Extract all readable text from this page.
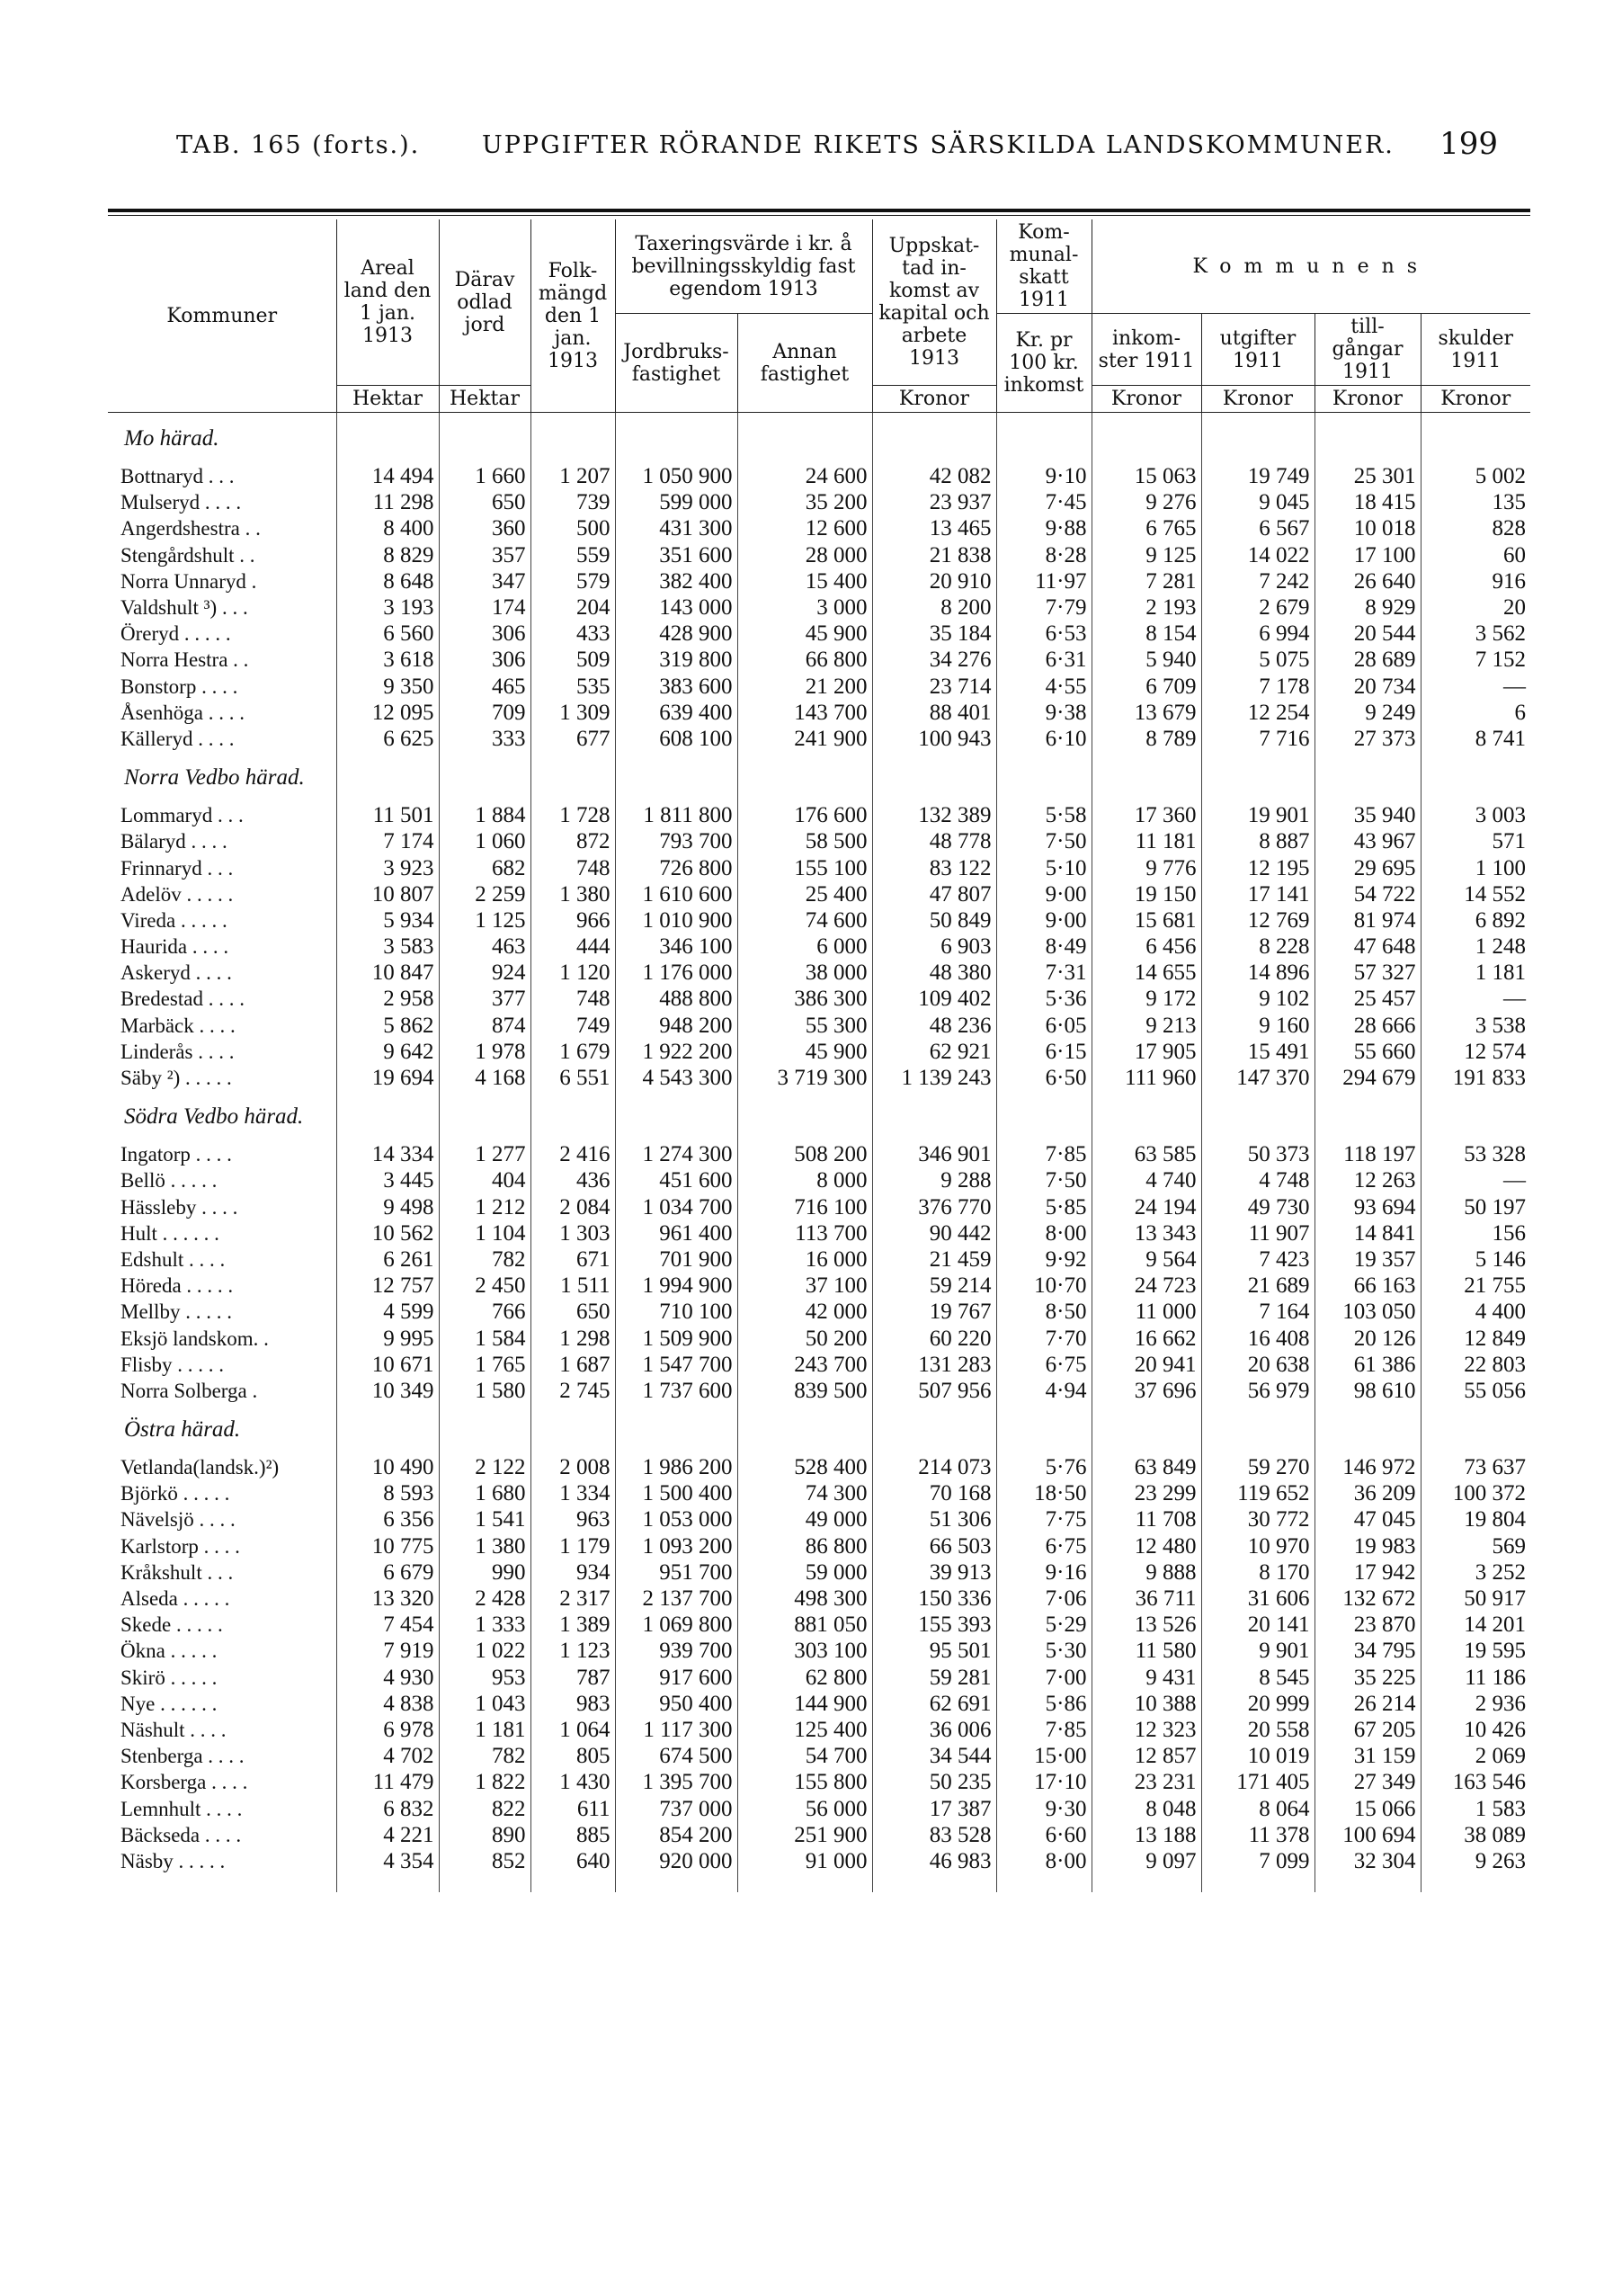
TAB. 165 (forts.).	UPPGIFTER RÖRANDE RIKETS SÄRSKILDA LANDSKOMMUNER. 199
Kommuner	Areal land den 1 jan. 1913	Därav odlad jord	Folk-mängd den 1 jan. 1913	Taxeringsvärde i kr. å bevillningsskyldig fast egendom 1913		Uppskat-tad in-komst av kapital och arbete 1913	Kom-munal-skatt 1911	Kommunens			
				Jordbruks-fastighet	Annan fastighet		Kr. pr 100 kr. inkomst	inkom-ster 1911	utgifter 1911	till-gångar 1911	skulder 1911
	Hektar	Hektar				Kronor		Kronor	Kronor	Kronor	Kronor
Mo härad.											
Bottnaryd . . .	14 494	1 660	1 207	1 050 900	24 600	42 082	9·10	15 063	19 749	25 301	5 002
Mulseryd . . . .	11 298	650	739	599 000	35 200	23 937	7·45	9 276	9 045	18 415	135
Angerdshestra . .	8 400	360	500	431 300	12 600	13 465	9·88	6 765	6 567	10 018	828
Stengårdshult . .	8 829	357	559	351 600	28 000	21 838	8·28	9 125	14 022	17 100	60
Norra Unnaryd .	8 648	347	579	382 400	15 400	20 910	11·97	7 281	7 242	26 640	916
Valdshult ³) . . .	3 193	174	204	143 000	3 000	8 200	7·79	2 193	2 679	8 929	20
Öreryd . . . . .	6 560	306	433	428 900	45 900	35 184	6·53	8 154	6 994	20 544	3 562
Norra Hestra . .	3 618	306	509	319 800	66 800	34 276	6·31	5 940	5 075	28 689	7 152
Bonstorp . . . .	9 350	465	535	383 600	21 200	23 714	4·55	6 709	7 178	20 734	—
Åsenhöga . . . .	12 095	709	1 309	639 400	143 700	88 401	9·38	13 679	12 254	9 249	6
Källeryd . . . .	6 625	333	677	608 100	241 900	100 943	6·10	8 789	7 716	27 373	8 741
Norra Vedbo härad.											
Lommaryd . . .	11 501	1 884	1 728	1 811 800	176 600	132 389	5·58	17 360	19 901	35 940	3 003
Bälaryd . . . .	7 174	1 060	872	793 700	58 500	48 778	7·50	11 181	8 887	43 967	571
Frinnaryd . . .	3 923	682	748	726 800	155 100	83 122	5·10	9 776	12 195	29 695	1 100
Adelöv . . . . .	10 807	2 259	1 380	1 610 600	25 400	47 807	9·00	19 150	17 141	54 722	14 552
Vireda . . . . .	5 934	1 125	966	1 010 900	74 600	50 849	9·00	15 681	12 769	81 974	6 892
Haurida . . . .	3 583	463	444	346 100	6 000	6 903	8·49	6 456	8 228	47 648	1 248
Askeryd . . . .	10 847	924	1 120	1 176 000	38 000	48 380	7·31	14 655	14 896	57 327	1 181
Bredestad . . . .	2 958	377	748	488 800	386 300	109 402	5·36	9 172	9 102	25 457	—
Marbäck . . . .	5 862	874	749	948 200	55 300	48 236	6·05	9 213	9 160	28 666	3 538
Linderås . . . .	9 642	1 978	1 679	1 922 200	45 900	62 921	6·15	17 905	15 491	55 660	12 574
Säby ²) . . . . .	19 694	4 168	6 551	4 543 300	3 719 300	1 139 243	6·50	111 960	147 370	294 679	191 833
Södra Vedbo härad.											
Ingatorp . . . .	14 334	1 277	2 416	1 274 300	508 200	346 901	7·85	63 585	50 373	118 197	53 328
Bellö . . . . .	3 445	404	436	451 600	8 000	9 288	7·50	4 740	4 748	12 263	—
Hässleby . . . .	9 498	1 212	2 084	1 034 700	716 100	376 770	5·85	24 194	49 730	93 694	50 197
Hult . . . . . .	10 562	1 104	1 303	961 400	113 700	90 442	8·00	13 343	11 907	14 841	156
Edshult . . . .	6 261	782	671	701 900	16 000	21 459	9·92	9 564	7 423	19 357	5 146
Höreda . . . . .	12 757	2 450	1 511	1 994 900	37 100	59 214	10·70	24 723	21 689	66 163	21 755
Mellby . . . . .	4 599	766	650	710 100	42 000	19 767	8·50	11 000	7 164	103 050	4 400
Eksjö landskom. .	9 995	1 584	1 298	1 509 900	50 200	60 220	7·70	16 662	16 408	20 126	12 849
Flisby . . . . .	10 671	1 765	1 687	1 547 700	243 700	131 283	6·75	20 941	20 638	61 386	22 803
Norra Solberga .	10 349	1 580	2 745	1 737 600	839 500	507 956	4·94	37 696	56 979	98 610	55 056
Östra härad.											
Vetlanda(landsk.)²)	10 490	2 122	2 008	1 986 200	528 400	214 073	5·76	63 849	59 270	146 972	73 637
Björkö . . . . .	8 593	1 680	1 334	1 500 400	74 300	70 168	18·50	23 299	119 652	36 209	100 372
Nävelsjö . . . .	6 356	1 541	963	1 053 000	49 000	51 306	7·75	11 708	30 772	47 045	19 804
Karlstorp . . . .	10 775	1 380	1 179	1 093 200	86 800	66 503	6·75	12 480	10 970	19 983	569
Kråkshult . . .	6 679	990	934	951 700	59 000	39 913	9·16	9 888	8 170	17 942	3 252
Alseda . . . . .	13 320	2 428	2 317	2 137 700	498 300	150 336	7·06	36 711	31 606	132 672	50 917
Skede . . . . .	7 454	1 333	1 389	1 069 800	881 050	155 393	5·29	13 526	20 141	23 870	14 201
Ökna . . . . .	7 919	1 022	1 123	939 700	303 100	95 501	5·30	11 580	9 901	34 795	19 595
Skirö . . . . .	4 930	953	787	917 600	62 800	59 281	7·00	9 431	8 545	35 225	11 186
Nye . . . . . .	4 838	1 043	983	950 400	144 900	62 691	5·86	10 388	20 999	26 214	2 936
Näshult . . . .	6 978	1 181	1 064	1 117 300	125 400	36 006	7·85	12 323	20 558	67 205	10 426
Stenberga . . . .	4 702	782	805	674 500	54 700	34 544	15·00	12 857	10 019	31 159	2 069
Korsberga . . . .	11 479	1 822	1 430	1 395 700	155 800	50 235	17·10	23 231	171 405	27 349	163 546
Lemnhult . . . .	6 832	822	611	737 000	56 000	17 387	9·30	8 048	8 064	15 066	1 583
Bäckseda . . . .	4 221	890	885	854 200	251 900	83 528	6·60	13 188	11 378	100 694	38 089
Näsby . . . . .	4 354	852	640	920 000	91 000	46 983	8·00	9 097	7 099	32 304	9 263
